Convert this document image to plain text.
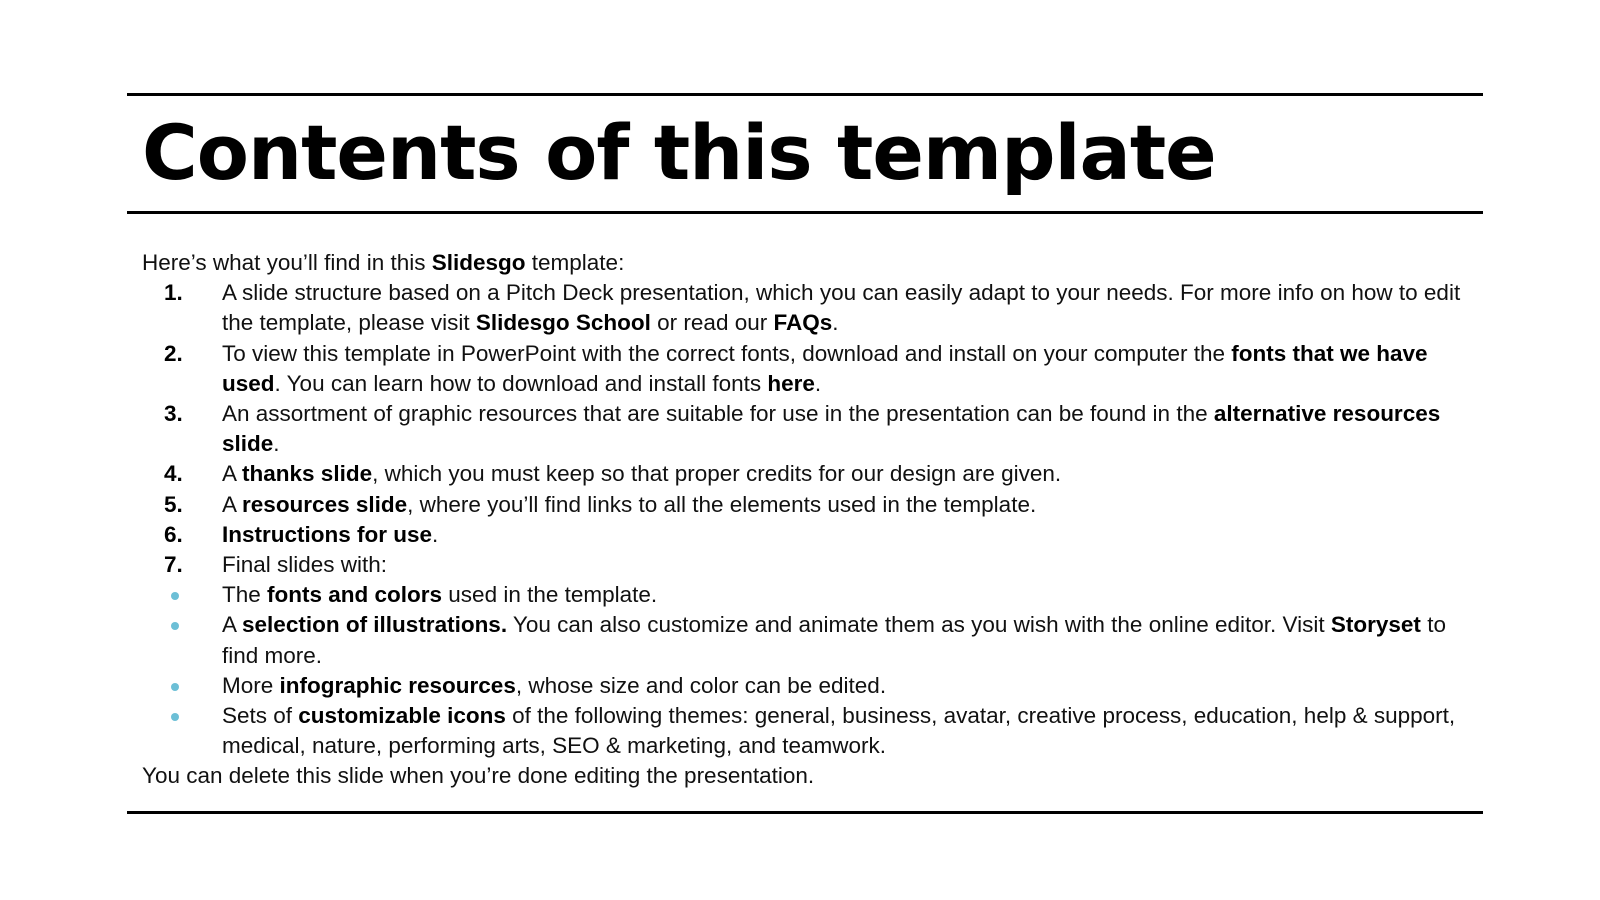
Contents of this template

Here’s what you’ll find in this Slidesgo template:

1. A slide structure based on a Pitch Deck presentation, which you can easily adapt to your needs. For more info on how to edit the template, please visit Slidesgo School or read our FAQs.
2. To view this template in PowerPoint with the correct fonts, download and install on your computer the fonts that we have used. You can learn how to download and install fonts here.
3. An assortment of graphic resources that are suitable for use in the presentation can be found in the alternative resources slide.
4. A thanks slide, which you must keep so that proper credits for our design are given.
5. A resources slide, where you’ll find links to all the elements used in the template.
6. Instructions for use.
7. Final slides with:
The fonts and colors used in the template.
A selection of illustrations. You can also customize and animate them as you wish with the online editor. Visit Storyset to find more.
More infographic resources, whose size and color can be edited.
Sets of customizable icons of the following themes: general, business, avatar, creative process, education, help & support, medical, nature, performing arts, SEO & marketing, and teamwork.

You can delete this slide when you’re done editing the presentation.
